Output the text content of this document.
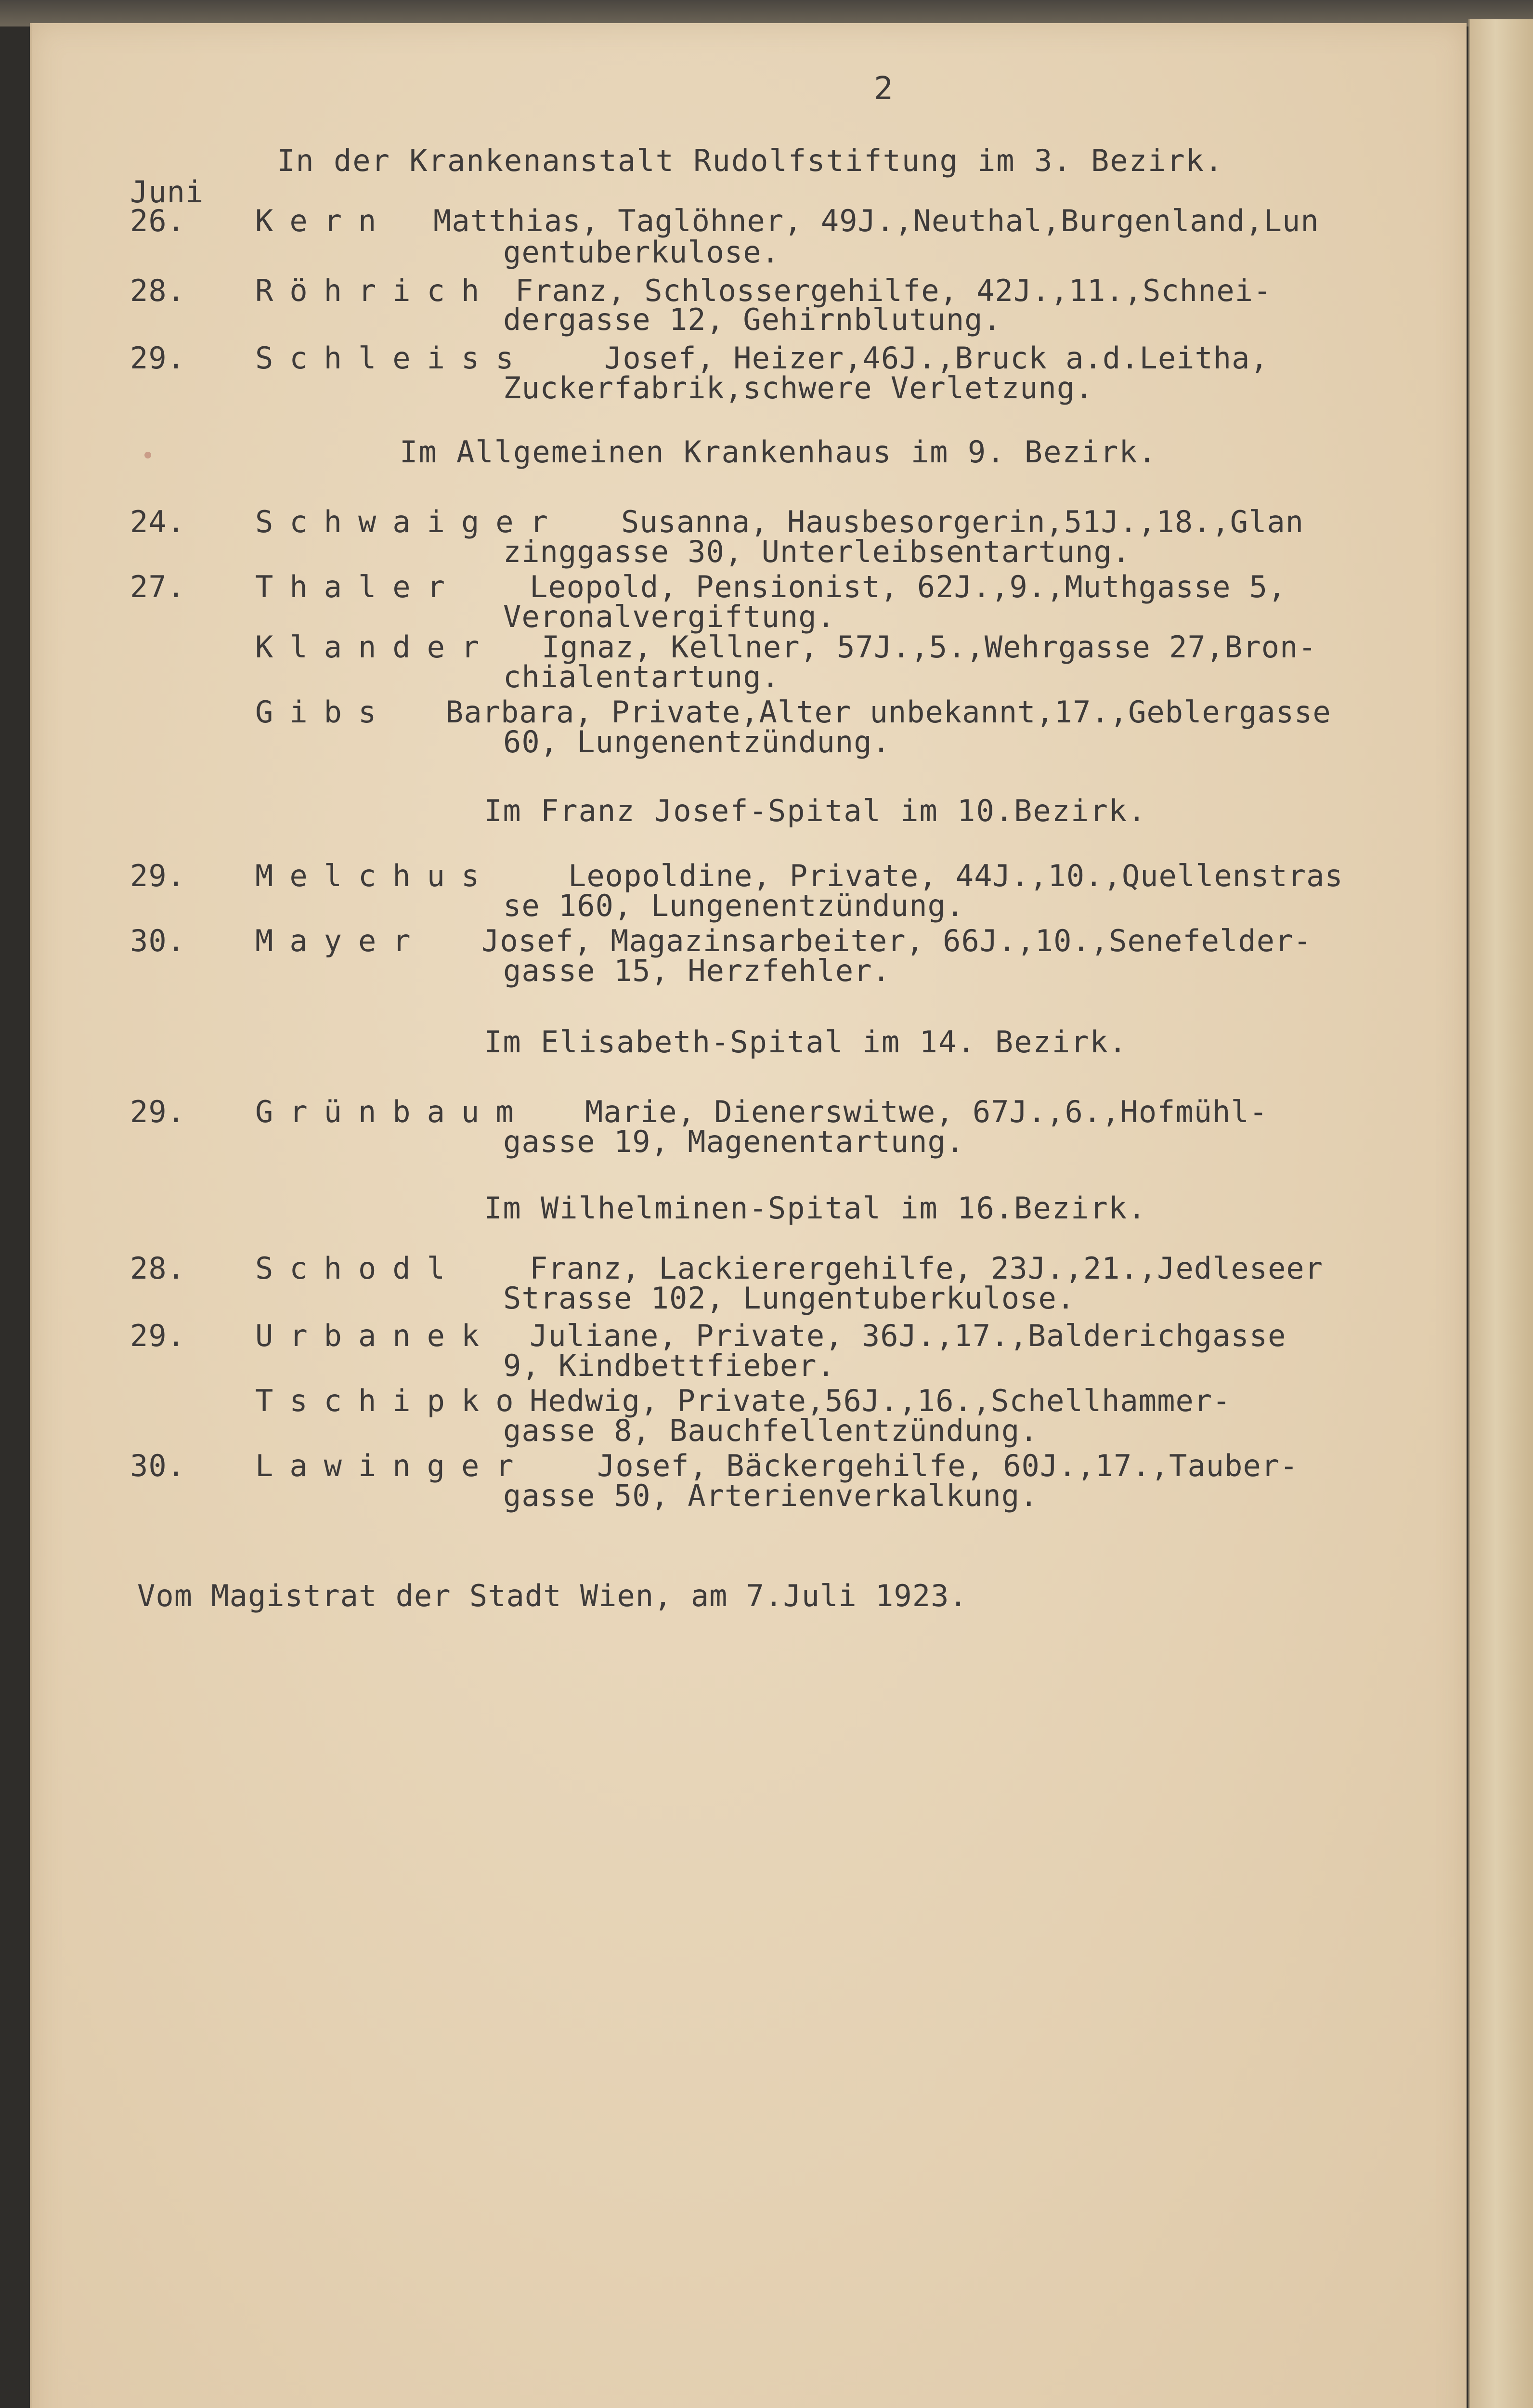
2
In der Krankenanstalt Rudolfstiftung im 3. Bezirk.
Juni
26. Kern Matthias, Taglöhner, 49J.,Neuthal,Burgenland,Lun
gentuberkulose.
28. Röhrich Franz, Schlossergehilfe, 42J.,11.,Schnei-
dergasse 12, Gehirnblutung.
29. Schleiss Josef, Heizer,46J.,Bruck a.d.Leitha,
Zuckerfabrik,schwere Verletzung.
Im Allgemeinen Krankenhaus im 9. Bezirk.
24. Schwaiger Susanna, Hausbesorgerin,51J.,18.,Glan
zinggasse 30, Unterleibsentartung.
27. Thaler Leopold, Pensionist, 62J.,9.,Muthgasse 5,
Veronalvergiftung.
Klander Ignaz, Kellner, 57J.,5.,Wehrgasse 27,Bron-
chialentartung.
Gibs Barbara, Private,Alter unbekannt,17.,Geblergasse
60, Lungenentzündung.
Im Franz Josef-Spital im 10.Bezirk.
29. Melchus Leopoldine, Private, 44J.,10.,Quellenstras
se 160, Lungenentzündung.
30. Mayer Josef, Magazinsarbeiter, 66J.,10.,Senefelder-
gasse 15, Herzfehler.
Im Elisabeth-Spital im 14. Bezirk.
29. Grünbaum Marie, Dienerswitwe, 67J.,6.,Hofmühl-
gasse 19, Magenentartung.
Im Wilhelminen-Spital im 16.Bezirk.
28. Schodl Franz, Lackierergehilfe, 23J.,21.,Jedleseer
Strasse 102, Lungentuberkulose.
29. Urbanek Juliane, Private, 36J.,17.,Balderichgasse
9, Kindbettfieber.
Tschipko Hedwig, Private,56J.,16.,Schellhammer-
gasse 8, Bauchfellentzündung.
30. Lawinger Josef, Bäckergehilfe, 60J.,17.,Tauber-
gasse 50, Arterienverkalkung.
Vom Magistrat der Stadt Wien, am 7.Juli 1923.
